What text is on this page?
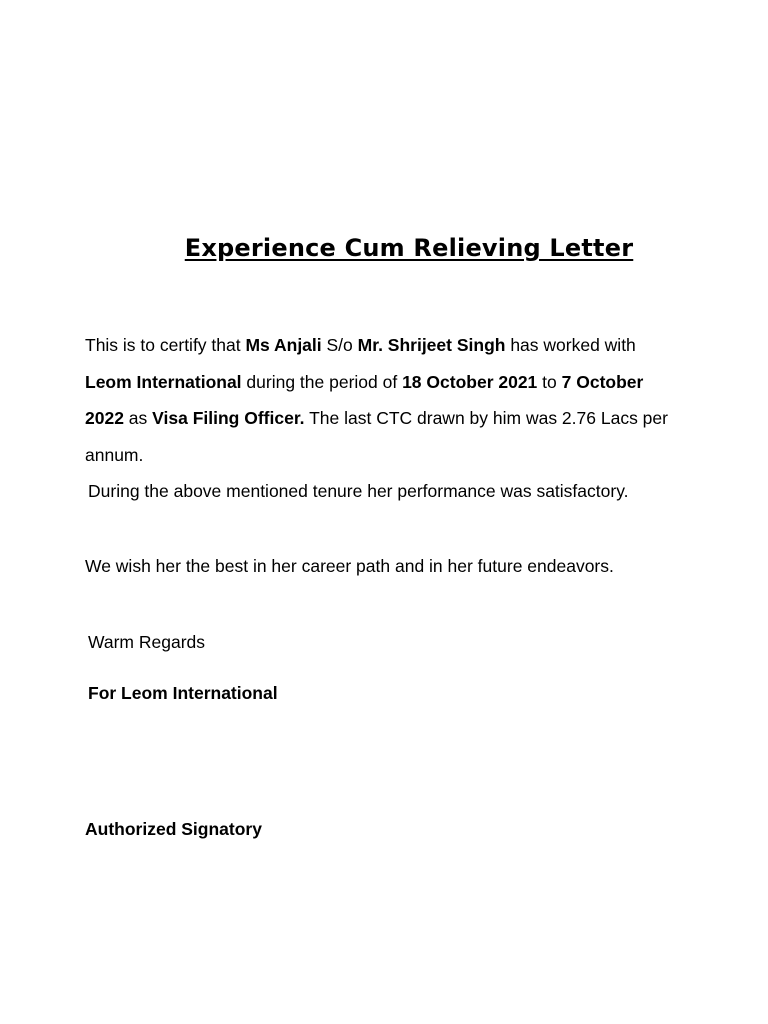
Experience Cum Relieving Letter

This is to certify that Ms Anjali S/o Mr. Shrijeet Singh has worked with Leom International during the period of 18 October 2021 to 7 October 2022 as Visa Filing Officer. The last CTC drawn by him was 2.76 Lacs per annum.

During the above mentioned tenure her performance was satisfactory.

We wish her the best in her career path and in her future endeavors.

Warm Regards

For Leom International

Authorized Signatory
